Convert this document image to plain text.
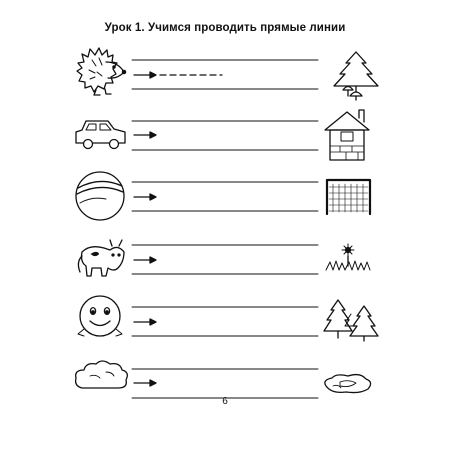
Урок 1. Учимся проводить прямые линии
6
